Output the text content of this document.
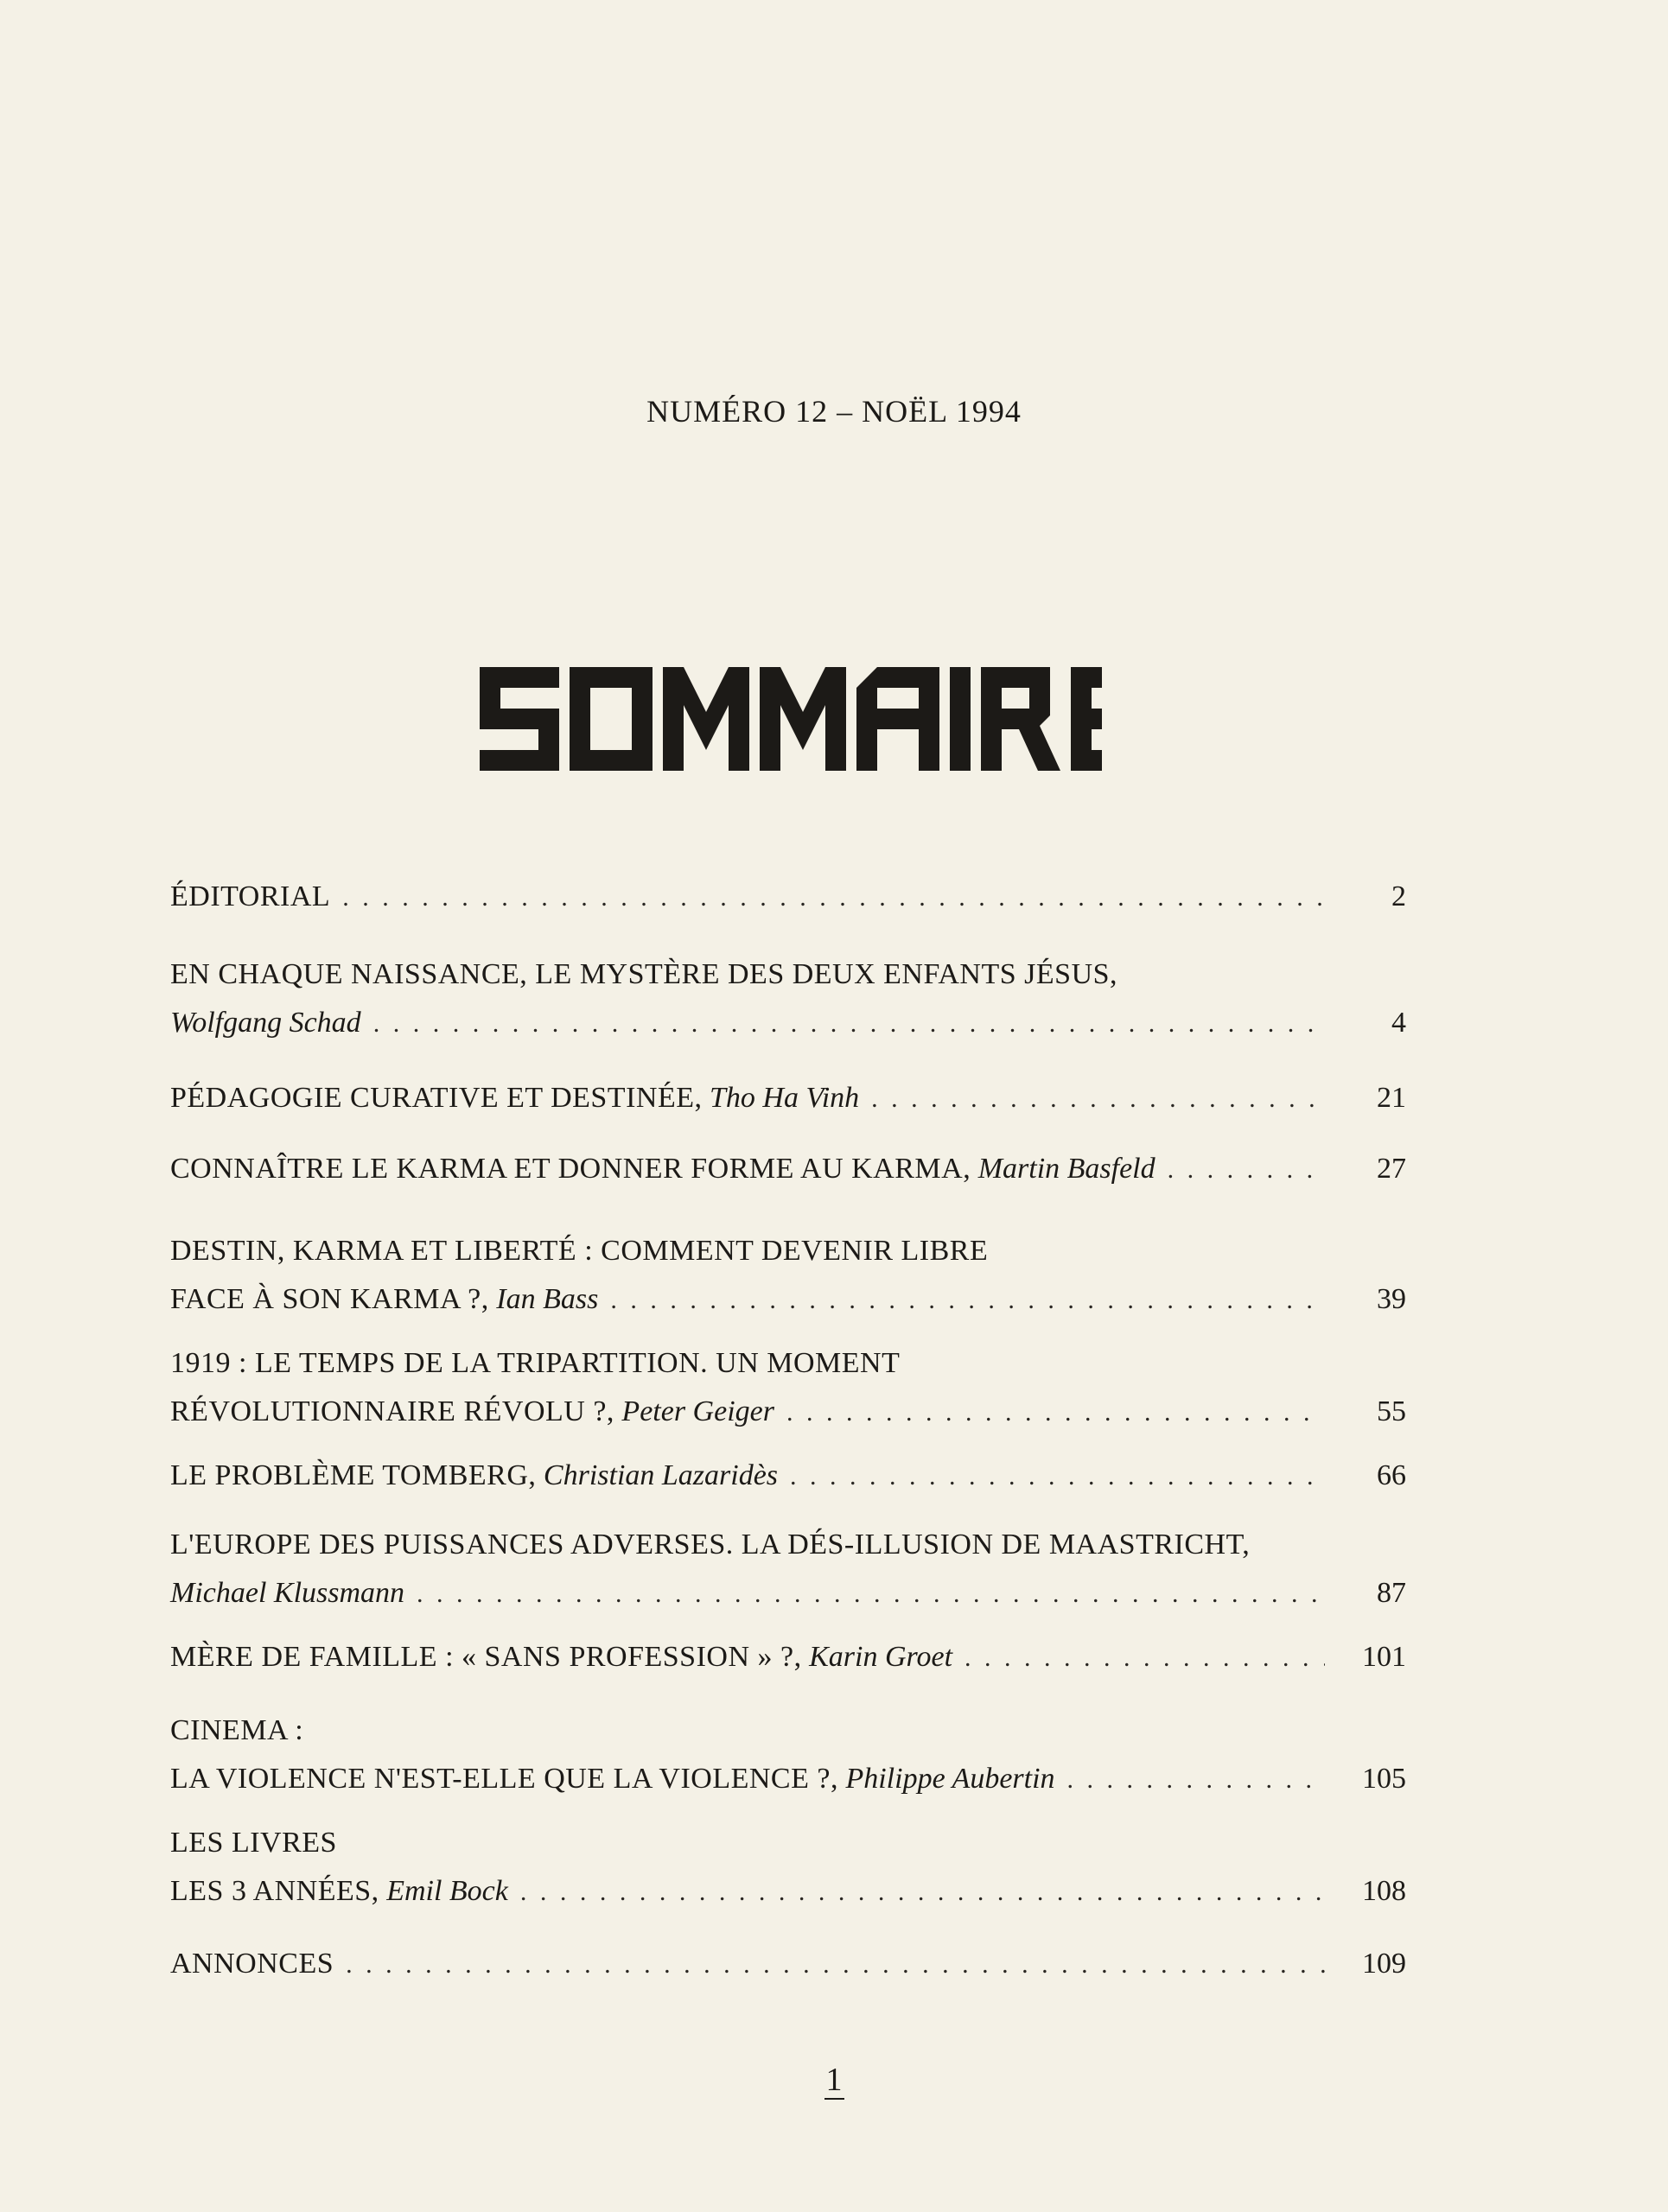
NUMÉRO 12 – NOËL 1994
ÉDITORIAL . . .	2
EN CHAQUE NAISSANCE, LE MYSTÈRE DES DEUX ENFANTS JÉSUS,
Wolfgang Schad . . .	4
PÉDAGOGIE CURATIVE ET DESTINÉE,
Tho Ha Vinh . . .	21
CONNAÎTRE LE KARMA ET DONNER FORME AU KARMA,
Martin Basfeld . . .	27
DESTIN, KARMA ET LIBERTÉ : COMMENT DEVENIR LIBRE
FACE À SON KARMA ?,
Ian Bass . . .	39
1919 : LE TEMPS DE LA TRIPARTITION. UN MOMENT
RÉVOLUTIONNAIRE RÉVOLU ?,
Peter Geiger . . .	55
LE PROBLÈME TOMBERG,
Christian Lazaridès . . .	66
L'EUROPE DES PUISSANCES ADVERSES. LA DÉS-ILLUSION DE MAASTRICHT,
Michael Klussmann . . .	87
MÈRE DE FAMILLE : « SANS PROFESSION » ?,
Karin Groet . . .	101
CINEMA :
LA VIOLENCE N'EST-ELLE QUE LA VIOLENCE ?,
Philippe Aubertin . . .	105
LES LIVRES
LES 3 ANNÉES,
Emil Bock . . .	108
ANNONCES . . .	109
1
